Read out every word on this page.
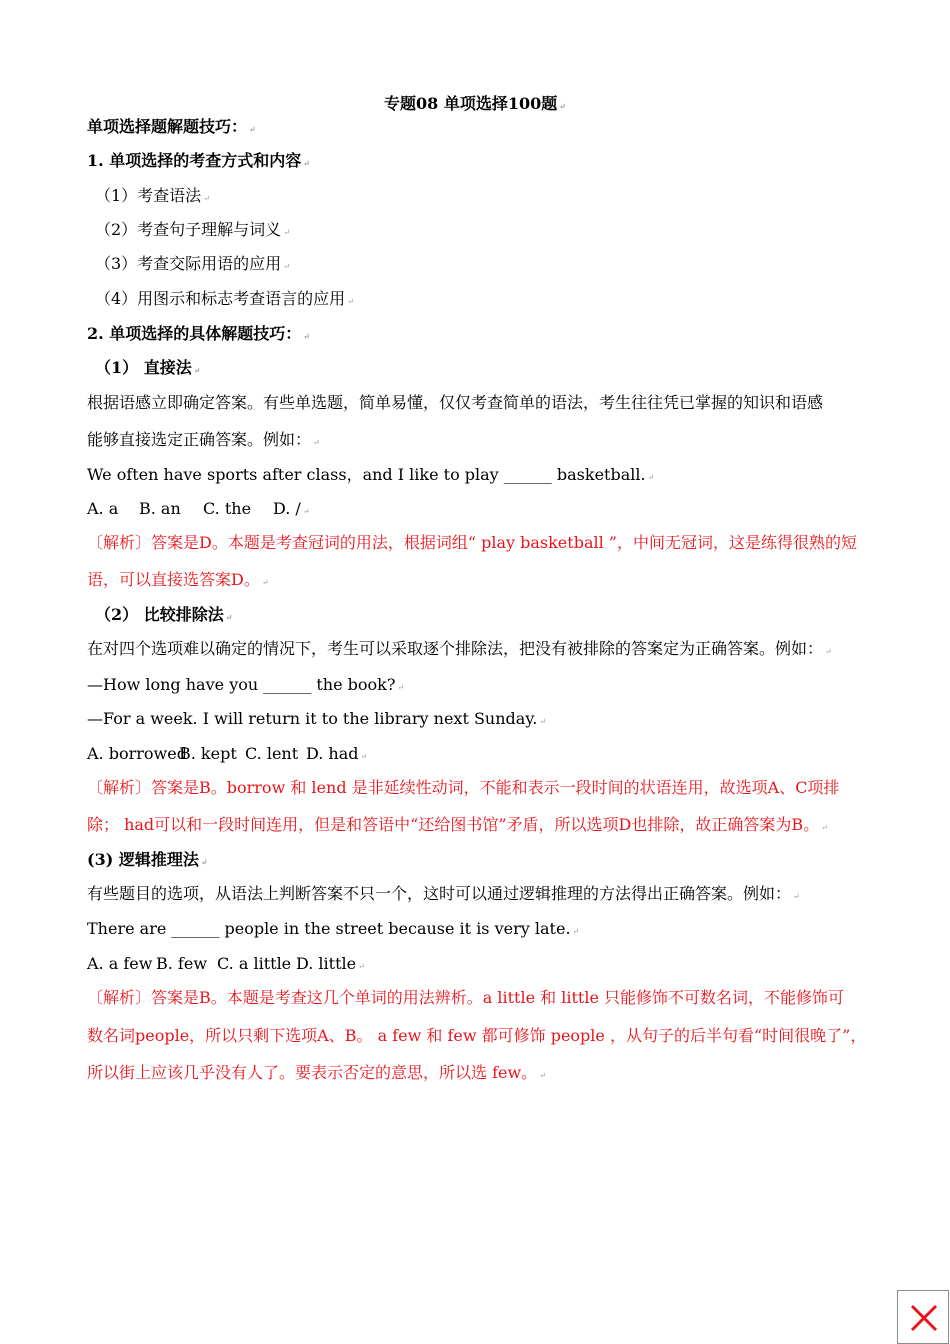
专题08 单项选择100题 ↵
单项选择题解题技巧： ↵
1. 单项选择的考查方式和内容 ↵
（1）考查语法 ↵
（2）考查句子理解与词义 ↵
（3）考查交际用语的应用 ↵
（4）用图示和标志考查语言的应用 ↵
2. 单项选择的具体解题技巧： ↵
（1） 直接法 ↵
根据语感立即确定答案。有些单选题，简单易懂，仅仅考查简单的语法，考生往往凭已掌握的知识和语感
能够直接选定正确答案。例如： ↵
We often have sports after class，and I like to play ______ basketball. ↵
A. a B. an C. the D. / ↵
〔解析〕答案是D。本题是考查冠词的用法，根据词组“ play basketball ”，中间无冠词，这是练得很熟的短
语，可以直接选答案D。 ↵
（2） 比较排除法 ↵
在对四个选项难以确定的情况下，考生可以采取逐个排除法，把没有被排除的答案定为正确答案。例如： ↵
—How long have you ______ the book? ↵
—For a week. I will return it to the library next Sunday. ↵
A. borrowedB. kept C. lent D. had ↵
〔解析〕答案是B。borrow 和 lend 是非延续性动词，不能和表示一段时间的状语连用，故选项A、C项排
除； had可以和一段时间连用，但是和答语中“还给图书馆”矛盾，所以选项D也排除，故正确答案为B。 ↵
(3) 逻辑推理法 ↵
有些题目的选项，从语法上判断答案不只一个，这时可以通过逻辑推理的方法得出正确答案。例如： ↵
There are ______ people in the street because it is very late. ↵
A. a few B. few C. a little D. little ↵
〔解析〕答案是B。本题是考查这几个单词的用法辨析。a little 和 little 只能修饰不可数名词，不能修饰可
数名词people，所以只剩下选项A、B。 a few 和 few 都可修饰 people ，从句子的后半句看“时间很晚了”，
所以街上应该几乎没有人了。要表示否定的意思，所以选 few。 ↵
